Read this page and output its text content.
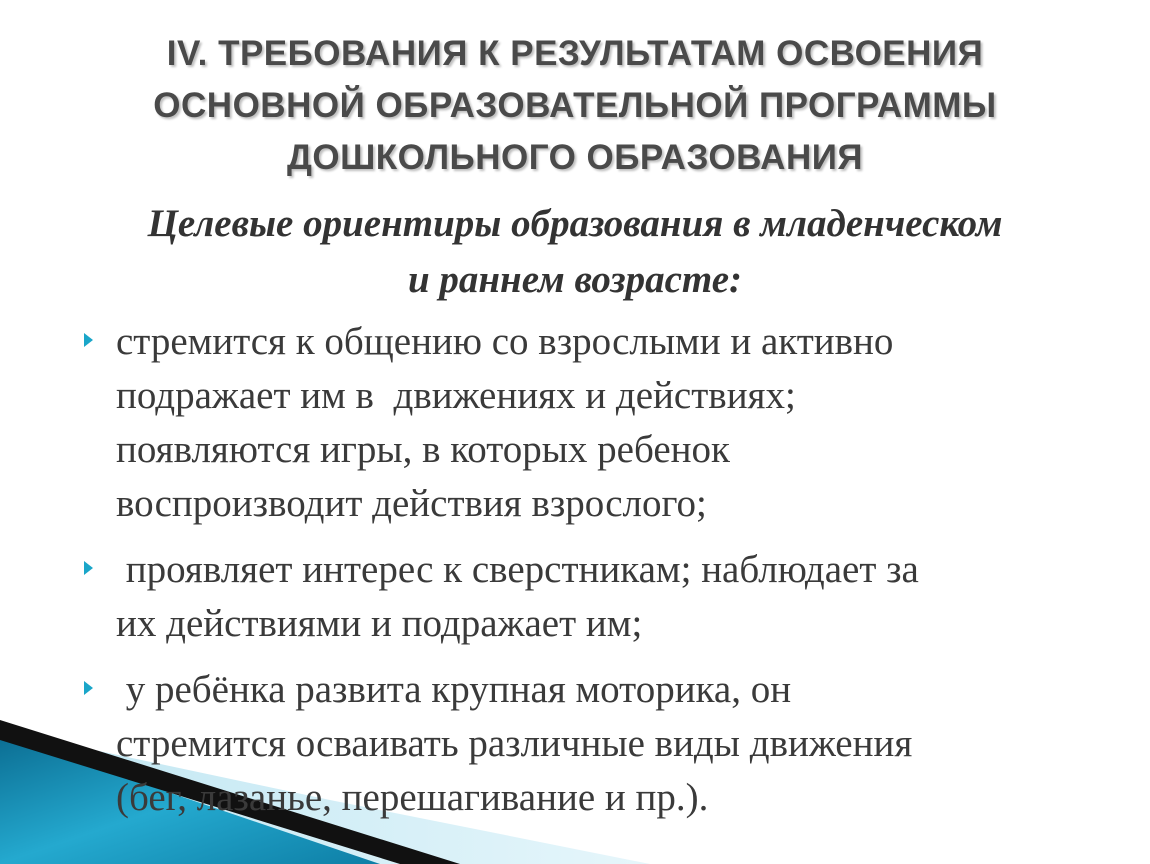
IV. ТРЕБОВАНИЯ К РЕЗУЛЬТАТАМ ОСВОЕНИЯ
ОСНОВНОЙ ОБРАЗОВАТЕЛЬНОЙ ПРОГРАММЫ
ДОШКОЛЬНОГО ОБРАЗОВАНИЯ
Целевые ориентиры образования в младенческом
и раннем возрасте:
стремится к общению со взрослыми и активно
подражает им в  движениях и действиях;
появляются игры, в которых ребенок
воспроизводит действия взрослого;
проявляет интерес к сверстникам; наблюдает за
их действиями и подражает им;
у ребёнка развита крупная моторика, он
стремится осваивать различные виды движения
(бег, лазанье, перешагивание и пр.).
